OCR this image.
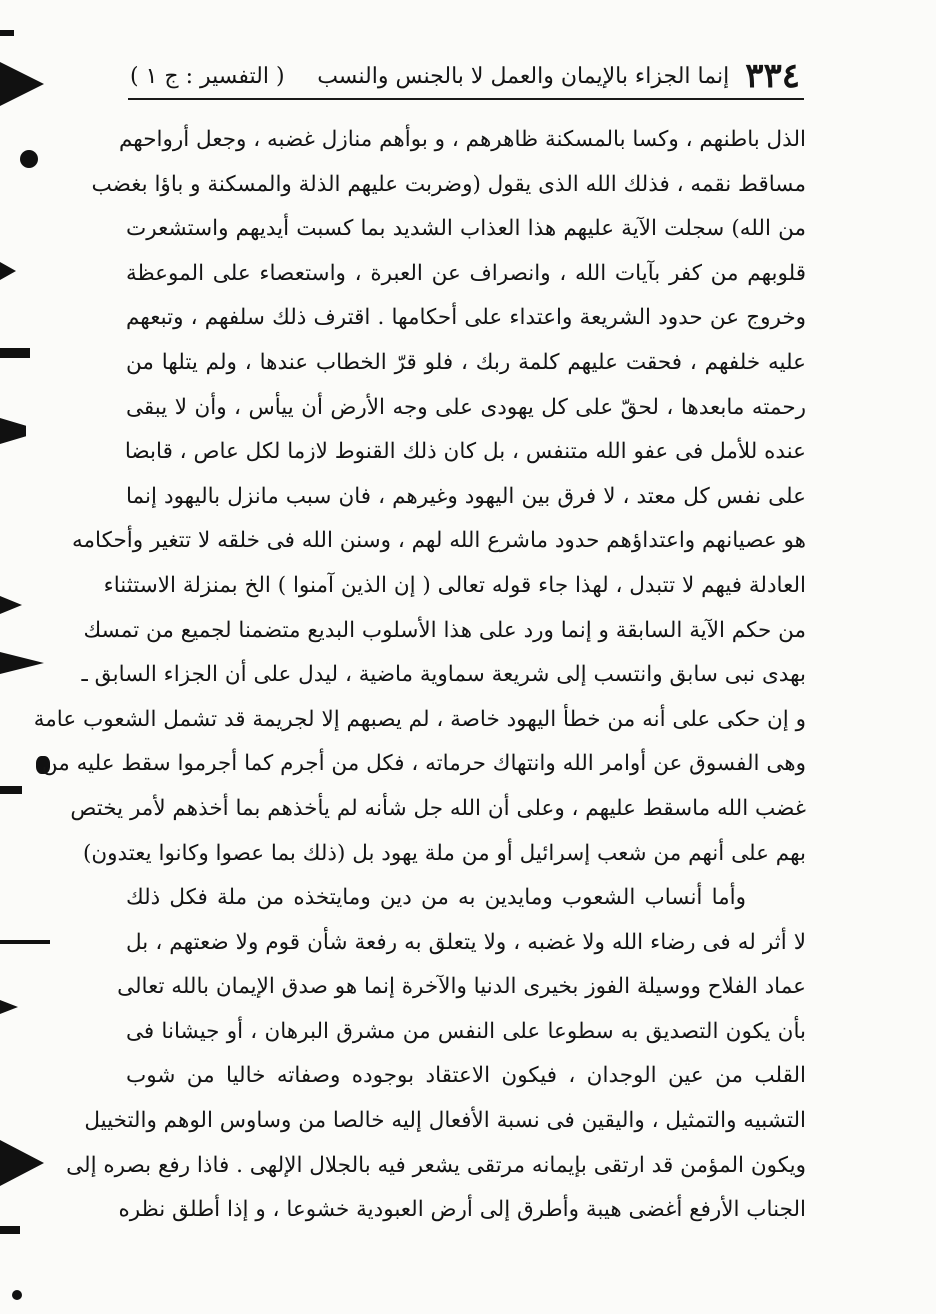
٣٣٤
إنما الجزاء بالإيمان والعمل لا بالجنس والنسب
( التفسير : ج ١ )
الذل باطنهم ، وكسا بالمسكنة ظاهرهم ، و بوأهم منازل غضبه ، وجعل أرواحهم
مساقط نقمه ، فذلك الله الذى يقول (وضربت عليهم الذلة والمسكنة و باؤا بغضب
من الله) سجلت الآية عليهم هذا العذاب الشديد بما كسبت أيديهم واستشعرت
قلوبهم من كفر بآيات الله ، وانصراف عن العبرة ، واستعصاء على الموعظة
وخروج عن حدود الشريعة واعتداء على أحكامها . اقترف ذلك سلفهم ، وتبعهم
عليه خلفهم ، فحقت عليهم كلمة ربك ، فلو قرّ الخطاب عندها ، ولم يتلها من
رحمته مابعدها ، لحقّ على كل يهودى على وجه الأرض أن ييأس ، وأن لا يبقى
عنده للأمل فى عفو الله متنفس ، بل كان ذلك القنوط لازما لكل عاص ، قابضا
على نفس كل معتد ، لا فرق بين اليهود وغيرهم ، فان سبب مانزل باليهود إنما
هو عصيانهم واعتداؤهم حدود ماشرع الله لهم ، وسنن الله فى خلقه لا تتغير وأحكامه
العادلة فيهم لا تتبدل ، لهذا جاء قوله تعالى ( إن الذين آمنوا ) الخ بمنزلة الاستثناء
من حكم الآية السابقة و إنما ورد على هذا الأسلوب البديع متضمنا لجميع من تمسك
بهدى نبى سابق وانتسب إلى شريعة سماوية ماضية ، ليدل على أن الجزاء السابق ـ
و إن حكى على أنه من خطأ اليهود خاصة ، لم يصبهم إلا لجريمة قد تشمل الشعوب عامة
وهى الفسوق عن أوامر الله وانتهاك حرماته ، فكل من أجرم كما أجرموا سقط عليه من
غضب الله ماسقط عليهم ، وعلى أن الله جل شأنه لم يأخذهم بما أخذهم لأمر يختص
بهم على أنهم من شعب إسرائيل أو من ملة يهود بل (ذلك بما عصوا وكانوا يعتدون)
وأما أنساب الشعوب ومايدين به من دين ومايتخذه من ملة فكل ذلك
لا أثر له فى رضاء الله ولا غضبه ، ولا يتعلق به رفعة شأن قوم ولا ضعتهم ، بل
عماد الفلاح ووسيلة الفوز بخيرى الدنيا والآخرة إنما هو صدق الإيمان بالله تعالى
بأن يكون التصديق به سطوعا على النفس من مشرق البرهان ، أو جيشانا فى
القلب من عين الوجدان ، فيكون الاعتقاد بوجوده وصفاته خاليا من شوب
التشبيه والتمثيل ، واليقين فى نسبة الأفعال إليه خالصا من وساوس الوهم والتخييل
ويكون المؤمن قد ارتقى بإيمانه مرتقى يشعر فيه بالجلال الإلهى . فاذا رفع بصره إلى
الجناب الأرفع أغضى هيبة وأطرق إلى أرض العبودية خشوعا ، و إذا أطلق نظره
